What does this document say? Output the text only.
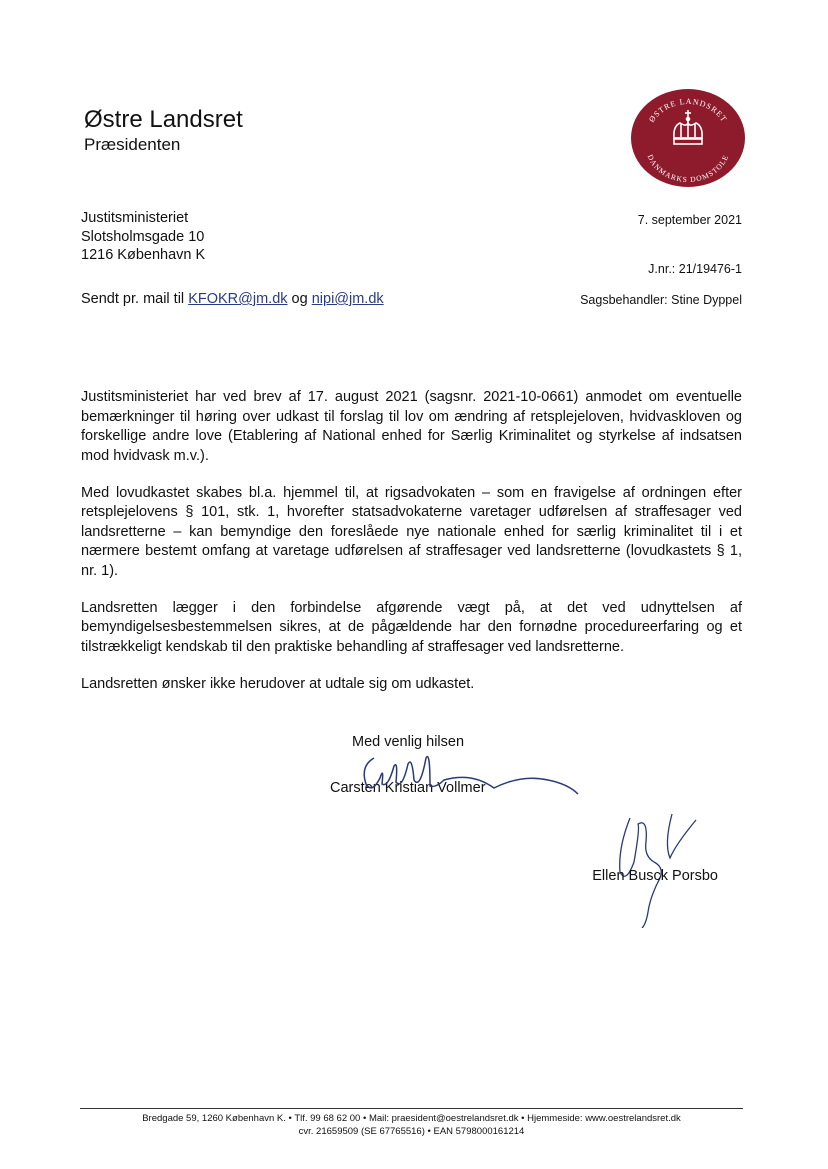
Østre Landsret
Præsidenten
ØSTRE LANDSRET
DANMARKS DOMSTOLE
Justitsministeriet
Slotsholmsgade 10
1216 København K
7. september 2021
J.nr.: 21/19476-1
Sagsbehandler: Stine Dyppel
Sendt pr. mail til KFOKR@jm.dk og nipi@jm.dk

Justitsministeriet har ved brev af 17. august 2021 (sagsnr. 2021-10-0661) anmodet om eventuelle bemærkninger til høring over udkast til forslag til lov om ændring af retsplejeloven, hvidvaskloven og forskellige andre love (Etablering af National enhed for Særlig Kriminalitet og styrkelse af indsatsen mod hvidvask m.v.).

Med lovudkastet skabes bl.a. hjemmel til, at rigsadvokaten – som en fravigelse af ordningen efter retsplejelovens § 101, stk. 1, hvorefter statsadvokaterne varetager udførelsen af straffesager ved landsretterne – kan bemyndige den foreslåede nye nationale enhed for særlig kriminalitet til i et nærmere bestemt omfang at varetage udførelsen af straffesager ved landsretterne (lovudkastets § 1, nr. 1).

Landsretten lægger i den forbindelse afgørende vægt på, at det ved udnyttelsen af bemyndigelsesbestemmelsen sikres, at de pågældende har den fornødne procedureerfaring og et tilstrækkeligt kendskab til den praktiske behandling af straffesager ved landsretterne.

Landsretten ønsker ikke herudover at udtale sig om udkastet.

Med venlig hilsen
Carsten Kristian Vollmer
Ellen Busck Porsbo
Bredgade 59, 1260 København K. • Tlf. 99 68 62 00 • Mail: praesident@oestrelandsret.dk • Hjemmeside: www.oestrelandsret.dk
cvr. 21659509 (SE 67765516) • EAN 5798000161214
